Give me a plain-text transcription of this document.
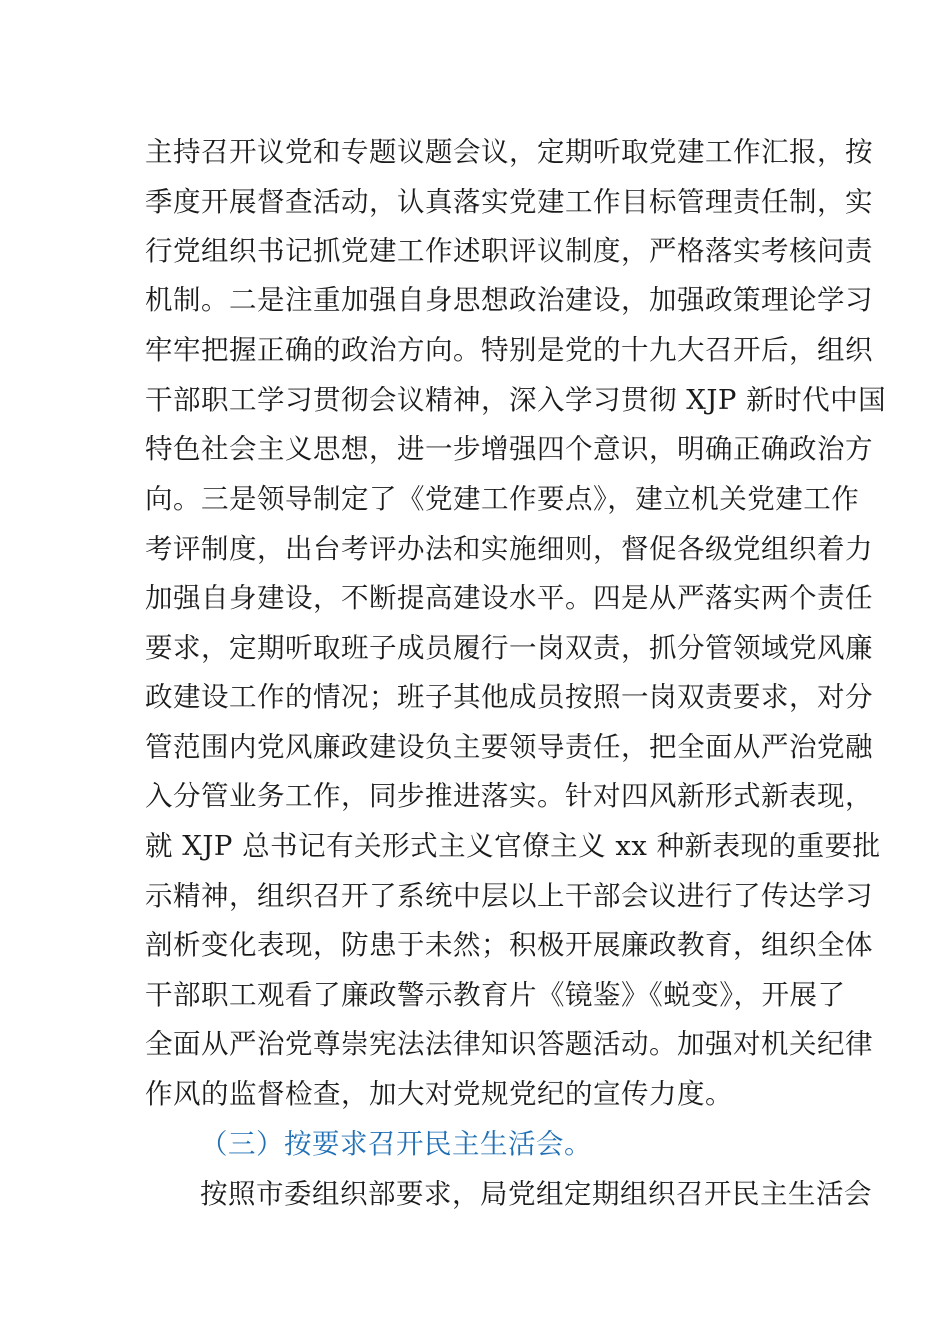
主持召开议党和专题议题会议，定期听取党建工作汇报，按
季度开展督查活动，认真落实党建工作目标管理责任制，实
行党组织书记抓党建工作述职评议制度，严格落实考核问责
机制。二是注重加强自身思想政治建设，加强政策理论学习
牢牢把握正确的政治方向。特别是党的十九大召开后，组织
干部职工学习贯彻会议精神，深入学习贯彻 XJP 新时代中国
特色社会主义思想，进一步增强四个意识，明确正确政治方
向。三是领导制定了《党建工作要点》，建立机关党建工作
考评制度，出台考评办法和实施细则，督促各级党组织着力
加强自身建设，不断提高建设水平。四是从严落实两个责任
要求，定期听取班子成员履行一岗双责，抓分管领域党风廉
政建设工作的情况；班子其他成员按照一岗双责要求，对分
管范围内党风廉政建设负主要领导责任，把全面从严治党融
入分管业务工作，同步推进落实。针对四风新形式新表现，
就 XJP 总书记有关形式主义官僚主义 xx 种新表现的重要批
示精神，组织召开了系统中层以上干部会议进行了传达学习
剖析变化表现，防患于未然；积极开展廉政教育，组织全体
干部职工观看了廉政警示教育片《镜鉴》《蜕变》，开展了
全面从严治党尊崇宪法法律知识答题活动。加强对机关纪律
作风的监督检查，加大对党规党纪的宣传力度。
（三）按要求召开民主生活会。
按照市委组织部要求，局党组定期组织召开民主生活会
